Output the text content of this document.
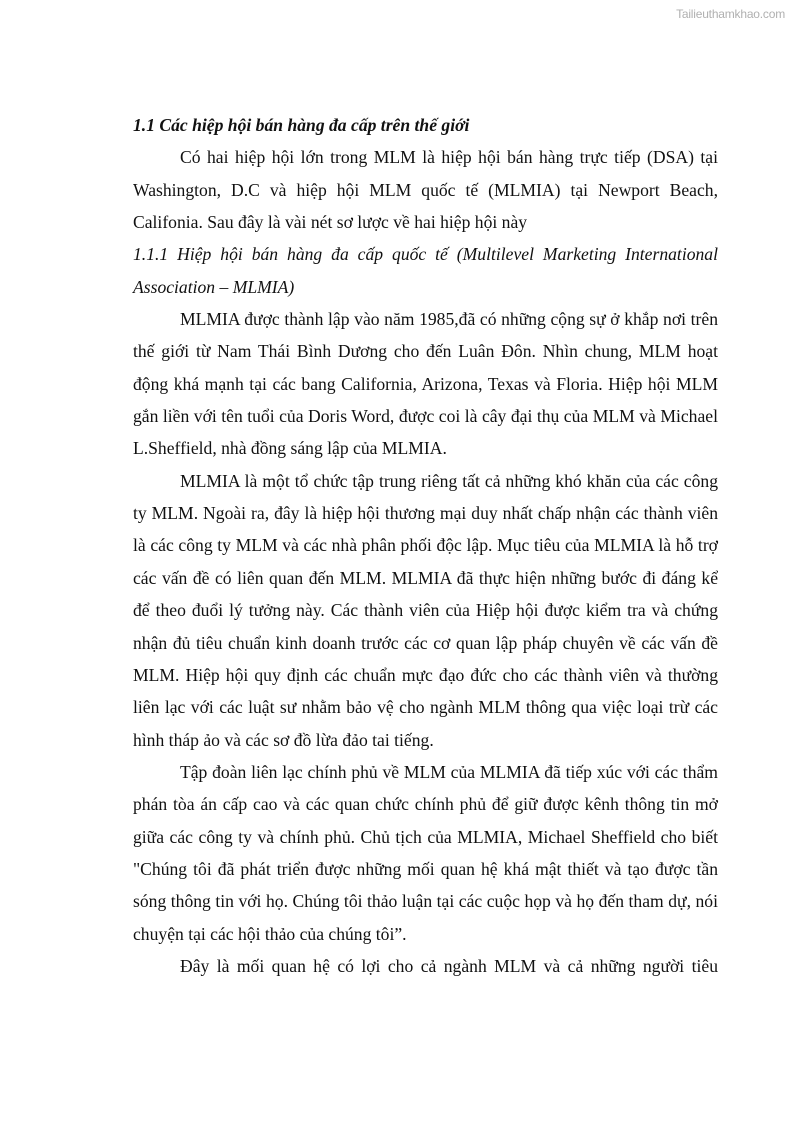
Tailieuthamkhao.com

1.1 Các hiệp hội bán hàng đa cấp trên thế giới

Có hai hiệp hội lớn trong MLM là hiệp hội bán hàng trực tiếp (DSA) tại Washington, D.C và hiệp hội MLM quốc tế (MLMIA) tại Newport Beach, Califonia. Sau đây là vài nét sơ lược về hai hiệp hội này

1.1.1 Hiệp hội bán hàng đa cấp quốc tế (Multilevel Marketing International Association – MLMIA)

MLMIA được thành lập vào năm 1985,đã có những cộng sự ở khắp nơi trên thế giới từ Nam Thái Bình Dương cho đến Luân Đôn. Nhìn chung, MLM hoạt động khá mạnh tại các bang California, Arizona, Texas và Floria. Hiệp hội MLM gắn liền với tên tuổi của Doris Word, được coi là cây đại thụ của MLM và Michael L.Sheffield, nhà đồng sáng lập của MLMIA.

MLMIA là một tổ chức tập trung riêng tất cả những khó khăn của các công ty MLM. Ngoài ra, đây là hiệp hội thương mại duy nhất chấp nhận các thành viên là các công ty MLM và các nhà phân phối độc lập. Mục tiêu của MLMIA là hỗ trợ các vấn đề có liên quan đến MLM. MLMIA đã thực hiện những bước đi đáng kể để theo đuổi lý tưởng này. Các thành viên của Hiệp hội được kiểm tra và chứng nhận đủ tiêu chuẩn kinh doanh trước các cơ quan lập pháp chuyên về các vấn đề MLM. Hiệp hội quy định các chuẩn mực đạo đức cho các thành viên và thường liên lạc với các luật sư nhằm bảo vệ cho ngành MLM thông qua việc loại trừ các hình tháp ảo và các sơ đồ lừa đảo tai tiếng.

Tập đoàn liên lạc chính phủ về MLM của MLMIA đã tiếp xúc với các thẩm phán tòa án cấp cao và các quan chức chính phủ để giữ được kênh thông tin mở giữa các công ty và chính phủ. Chủ tịch của MLMIA, Michael Sheffield cho biết "Chúng tôi đã phát triển được những mối quan hệ khá mật thiết và tạo được tần sóng thông tin với họ. Chúng tôi thảo luận tại các cuộc họp và họ đến tham dự, nói chuyện tại các hội thảo của chúng tôi”.

Đây là mối quan hệ có lợi cho cả ngành MLM và cả những người tiêu
